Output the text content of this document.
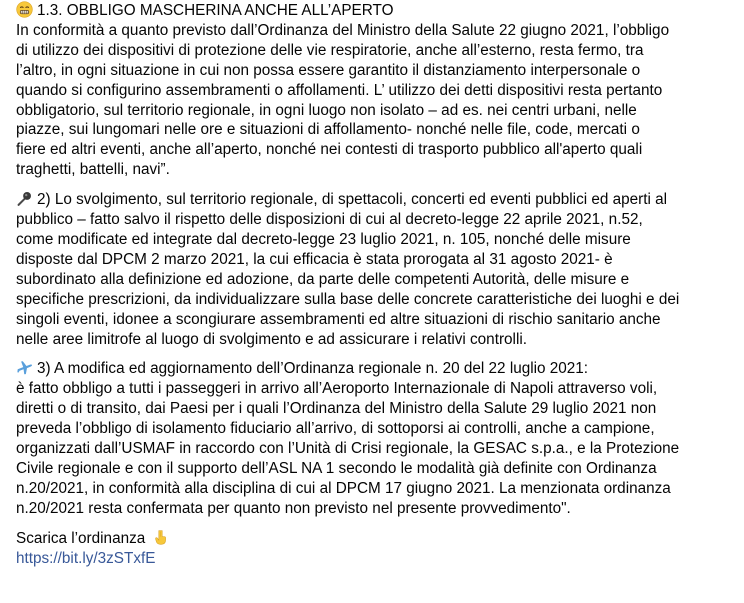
1.3. OBBLIGO MASCHERINA ANCHE ALL’APERTO
In conformità a quanto previsto dall’Ordinanza del Ministro della Salute 22 giugno 2021, l’obbligo
di utilizzo dei dispositivi di protezione delle vie respiratorie, anche all’esterno, resta fermo, tra
l’altro, in ogni situazione in cui non possa essere garantito il distanziamento interpersonale o
quando si configurino assembramenti o affollamenti. L’ utilizzo dei detti dispositivi resta pertanto
obbligatorio, sul territorio regionale, in ogni luogo non isolato – ad es. nei centri urbani, nelle
piazze, sui lungomari nelle ore e situazioni di affollamento- nonché nelle file, code, mercati o
fiere ed altri eventi, anche all’aperto, nonché nei contesti di trasporto pubblico all'aperto quali
traghetti, battelli, navi”.

2) Lo svolgimento, sul territorio regionale, di spettacoli, concerti ed eventi pubblici ed aperti al
pubblico – fatto salvo il rispetto delle disposizioni di cui al decreto-legge 22 aprile 2021, n.52,
come modificate ed integrate dal decreto-legge 23 luglio 2021, n. 105, nonché delle misure
disposte dal DPCM 2 marzo 2021, la cui efficacia è stata prorogata al 31 agosto 2021- è
subordinato alla definizione ed adozione, da parte delle competenti Autorità, delle misure e
specifiche prescrizioni, da individualizzare sulla base delle concrete caratteristiche dei luoghi e dei
singoli eventi, idonee a scongiurare assembramenti ed altre situazioni di rischio sanitario anche
nelle aree limitrofe al luogo di svolgimento e ad assicurare i relativi controlli.

3) A modifica ed aggiornamento dell’Ordinanza regionale n. 20 del 22 luglio 2021:
è fatto obbligo a tutti i passeggeri in arrivo all’Aeroporto Internazionale di Napoli attraverso voli,
diretti o di transito, dai Paesi per i quali l’Ordinanza del Ministro della Salute 29 luglio 2021 non
preveda l’obbligo di isolamento fiduciario all’arrivo, di sottoporsi ai controlli, anche a campione,
organizzati dall’USMAF in raccordo con l’Unità di Crisi regionale, la GESAC s.p.a., e la Protezione
Civile regionale e con il supporto dell’ASL NA 1 secondo le modalità già definite con Ordinanza
n.20/2021, in conformità alla disciplina di cui al DPCM 17 giugno 2021. La menzionata ordinanza
n.20/2021 resta confermata per quanto non previsto nel presente provvedimento".

Scarica l’ordinanza
https://bit.ly/3zSTxfE
